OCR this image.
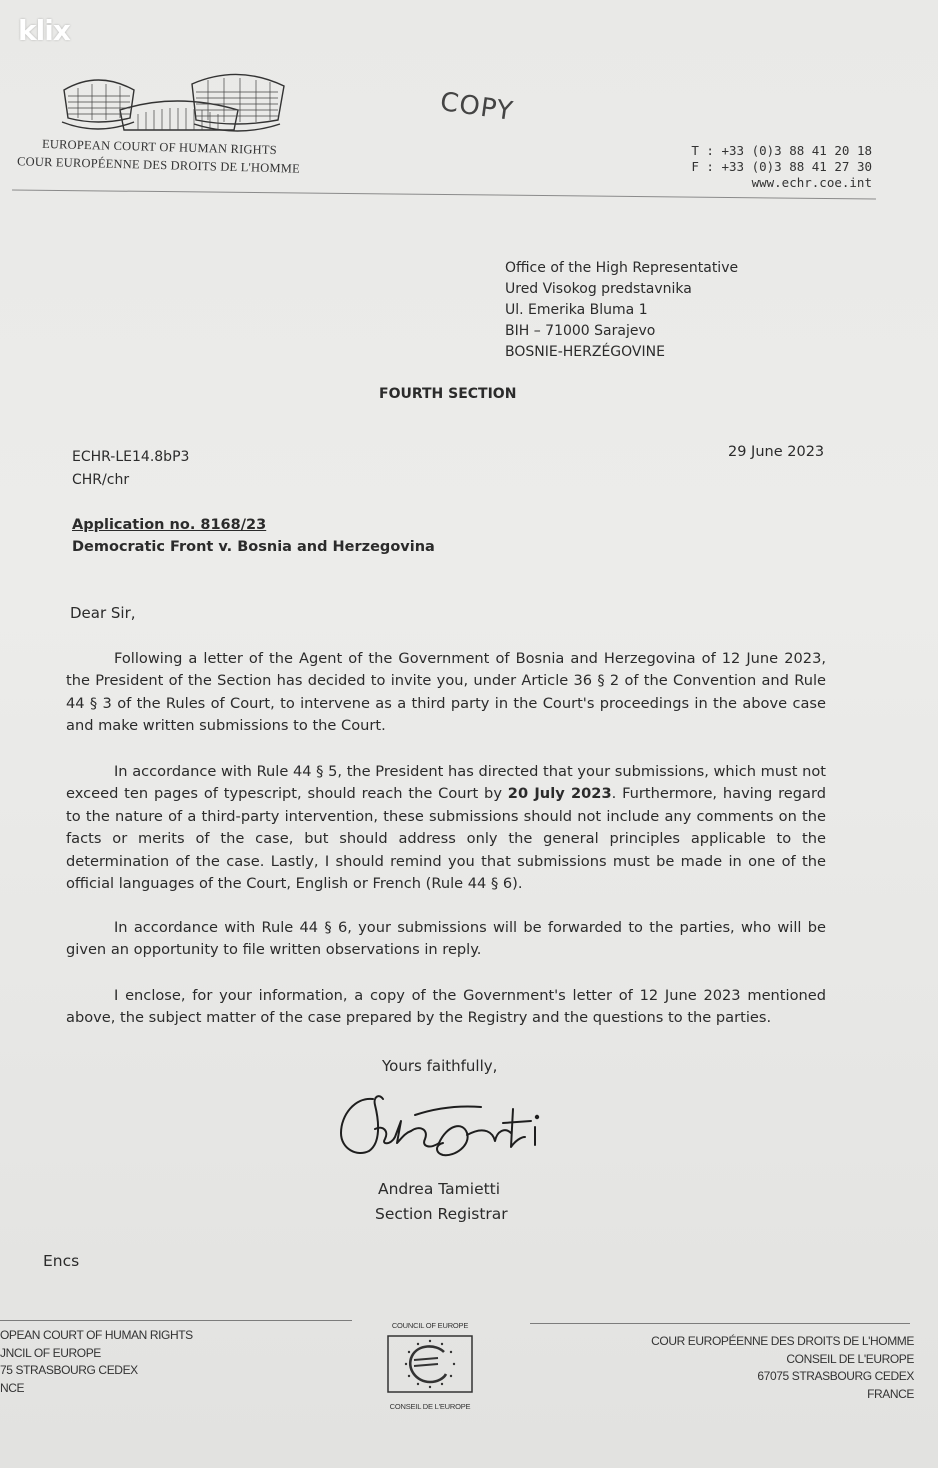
klix
EUROPEAN COURT OF HUMAN RIGHTS
COUR EUROPÉENNE DES DROITS DE L'HOMME
COPY
T : +33 (0)3 88 41 20 18
F : +33 (0)3 88 41 27 30
www.echr.coe.int
Office of the High Representative
Ured Visokog predstavnika
Ul. Emerika Bluma 1
BIH – 71000 Sarajevo
BOSNIE-HERZÉGOVINE
FOURTH SECTION
ECHR-LE14.8bP3
CHR/chr
29 June 2023
Application no. 8168/23
Democratic Front v. Bosnia and Herzegovina
Dear Sir,
Following a letter of the Agent of the Government of Bosnia and Herzegovina of 12 June 2023, the President of the Section has decided to invite you, under Article 36 § 2 of the Convention and Rule 44 § 3 of the Rules of Court, to intervene as a third party in the Court's proceedings in the above case and make written submissions to the Court.
In accordance with Rule 44 § 5, the President has directed that your submissions, which must not exceed ten pages of typescript, should reach the Court by 20 July 2023. Furthermore, having regard to the nature of a third-party intervention, these submissions should not include any comments on the facts or merits of the case, but should address only the general principles applicable to the determination of the case. Lastly, I should remind you that submissions must be made in one of the official languages of the Court, English or French (Rule 44 § 6).
In accordance with Rule 44 § 6, your submissions will be forwarded to the parties, who will be given an opportunity to file written observations in reply.
I enclose, for your information, a copy of the Government's letter of 12 June 2023 mentioned above, the subject matter of the case prepared by the Registry and the questions to the parties.
Yours faithfully,
Andrea Tamietti
Section Registrar
Encs
OPEAN COURT OF HUMAN RIGHTS
JNCIL OF EUROPE
75 STRASBOURG CEDEX
NCE
COUNCIL OF EUROPE
CONSEIL DE L'EUROPE
COUR EUROPÉENNE DES DROITS DE L'HOMME
CONSEIL DE L'EUROPE
67075 STRASBOURG CEDEX
FRANCE
